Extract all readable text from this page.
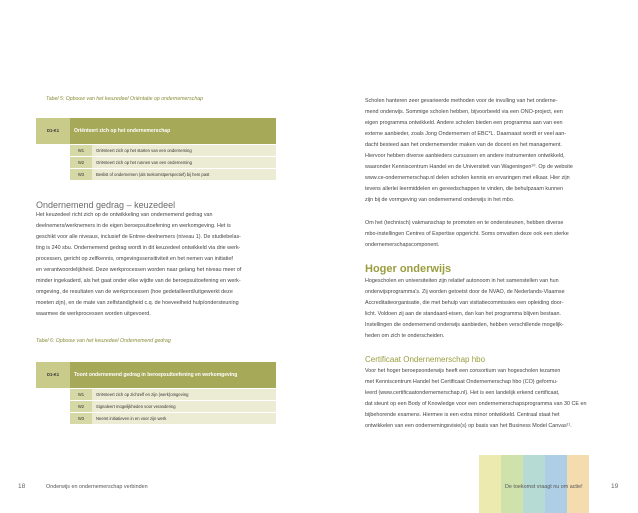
Tabel 5: Opbouw van het keuzedeel Oriëntatie op ondernemerschap
D1-K1	Oriënteert zich op het ondernemerschap	
	W1	Oriënteert zich op het starten van een onderneming
	W2	Oriënteert zich op het runnen van een onderneming
	W3	Beslist of ondernemen (als toekomstperspectief) bij hem past
Ondernemend gedrag – keuzedeel

Het keuzedeel richt zich op de ontwikkeling van ondernemend gedrag van

deelnemers/werknemers in de eigen beroepsuitoefening en werkomgeving. Het is

geschikt voor alle niveaus, inclusief de Entree-deelnemers (niveau 1). De studiebelas-

ting is 240 sbu. Ondernemend gedrag wordt in dit keuzedeel ontwikkeld via drie werk-

processen, gericht op zelfkennis, omgevingssensitiviteit en het nemen van initiatief

en verantwoordelijkheid. Deze werkprocessen worden naar gelang het niveau meer of

minder ingekaderd, als het gaat onder elke wijdte van de beroepsuitoefening en werk-

omgeving, de resultaten van de werkprocessen (hoe gedetailleerd/uitgewerkt deze

moeten zijn), en de mate van zelfstandigheid c.q. de hoeveelheid hulp/ondersteuning

waarmee de werkprocessen worden uitgevoerd.

Tabel 6: Opbouw van het keuzedeel Ondernemend gedrag
D1-K1	Toont ondernemend gedrag in beroepsuitoefening en werkomgeving	
	W1	Oriënteert zich op zichzelf en zijn (werk)omgeving
	W2	Signaleert mogelijkheden voor verandering
	W3	Neemt initiatieven in en voor zijn werk
18	Onderwijs en ondernemerschap verbinden

Scholen hanteren zeer gevarieerde methoden voor de invulling van het onderne-

mend onderwijs. Sommige scholen hebben, bijvoorbeeld via een ONO-project, een

eigen programma ontwikkeld. Andere scholen bieden een programma aan van een

externe aanbieder, zoals Jong Ondernemen of EBC*L. Daarnaast wordt er veel aan-

dacht besteed aan het ondernemender maken van de docent en het management.

Hiervoor hebben diverse aanbieders cursussen en andere instrumenten ontwikkeld,

waaronder Kenniscentrum Handel en de Universiteit van Wageningen¹⁰. Op de website

www.ce-ondernemerschap.nl delen scholen kennis en ervaringen met elkaar. Hier zijn

tevens allerlei leermiddelen en gereedschappen te vinden, die behulpzaam kunnen

zijn bij de vormgeving van ondernemend onderwijs in het mbo.

Om het (technisch) vakmanschap te promoten en te ondersteunen, hebben diverse

mbo-instellingen Centres of Expertise opgericht. Soms omvatten deze ook een sterke

ondernemerschapscomponent.

Hoger onderwijs

Hogescholen en universiteiten zijn relatief autonoom in het samenstellen van hun

onderwijsprogramma's. Zij worden getoetst door de NVAO, de Nederlands-Vlaamse

Accreditatieorganisatie, die met behulp van visitatiecommissies een opleiding door-

licht. Voldoen zij aan de standaard-eisen, dan kan het programma blijven bestaan.

Instellingen die ondernemend onderwijs aanbieden, hebben verschillende mogelijk-

heden om zich te onderscheiden.

Certificaat Ondernemerschap hbo

Voor het hoger beroepsonderwijs heeft een consortium van hogescholen tezamen

met Kenniscentrum Handel het Certificaat Ondernemerschap hbo (CO) geformu-

leerd (www.certificaatondernemerschap.nl). Het is een landelijk erkend certificaat,

dat steunt op een Body of Knowledge voor een ondernemerschapsprogramma van 30 CE en

bijbehorende examens. Hiermee is een extra minor ontwikkeld. Centraal staat het

ontwikkelen van een ondernemingsvisie(s) op basis van het Business Model Canvas¹¹.

De toekomst vraagt nu om actie!	19
